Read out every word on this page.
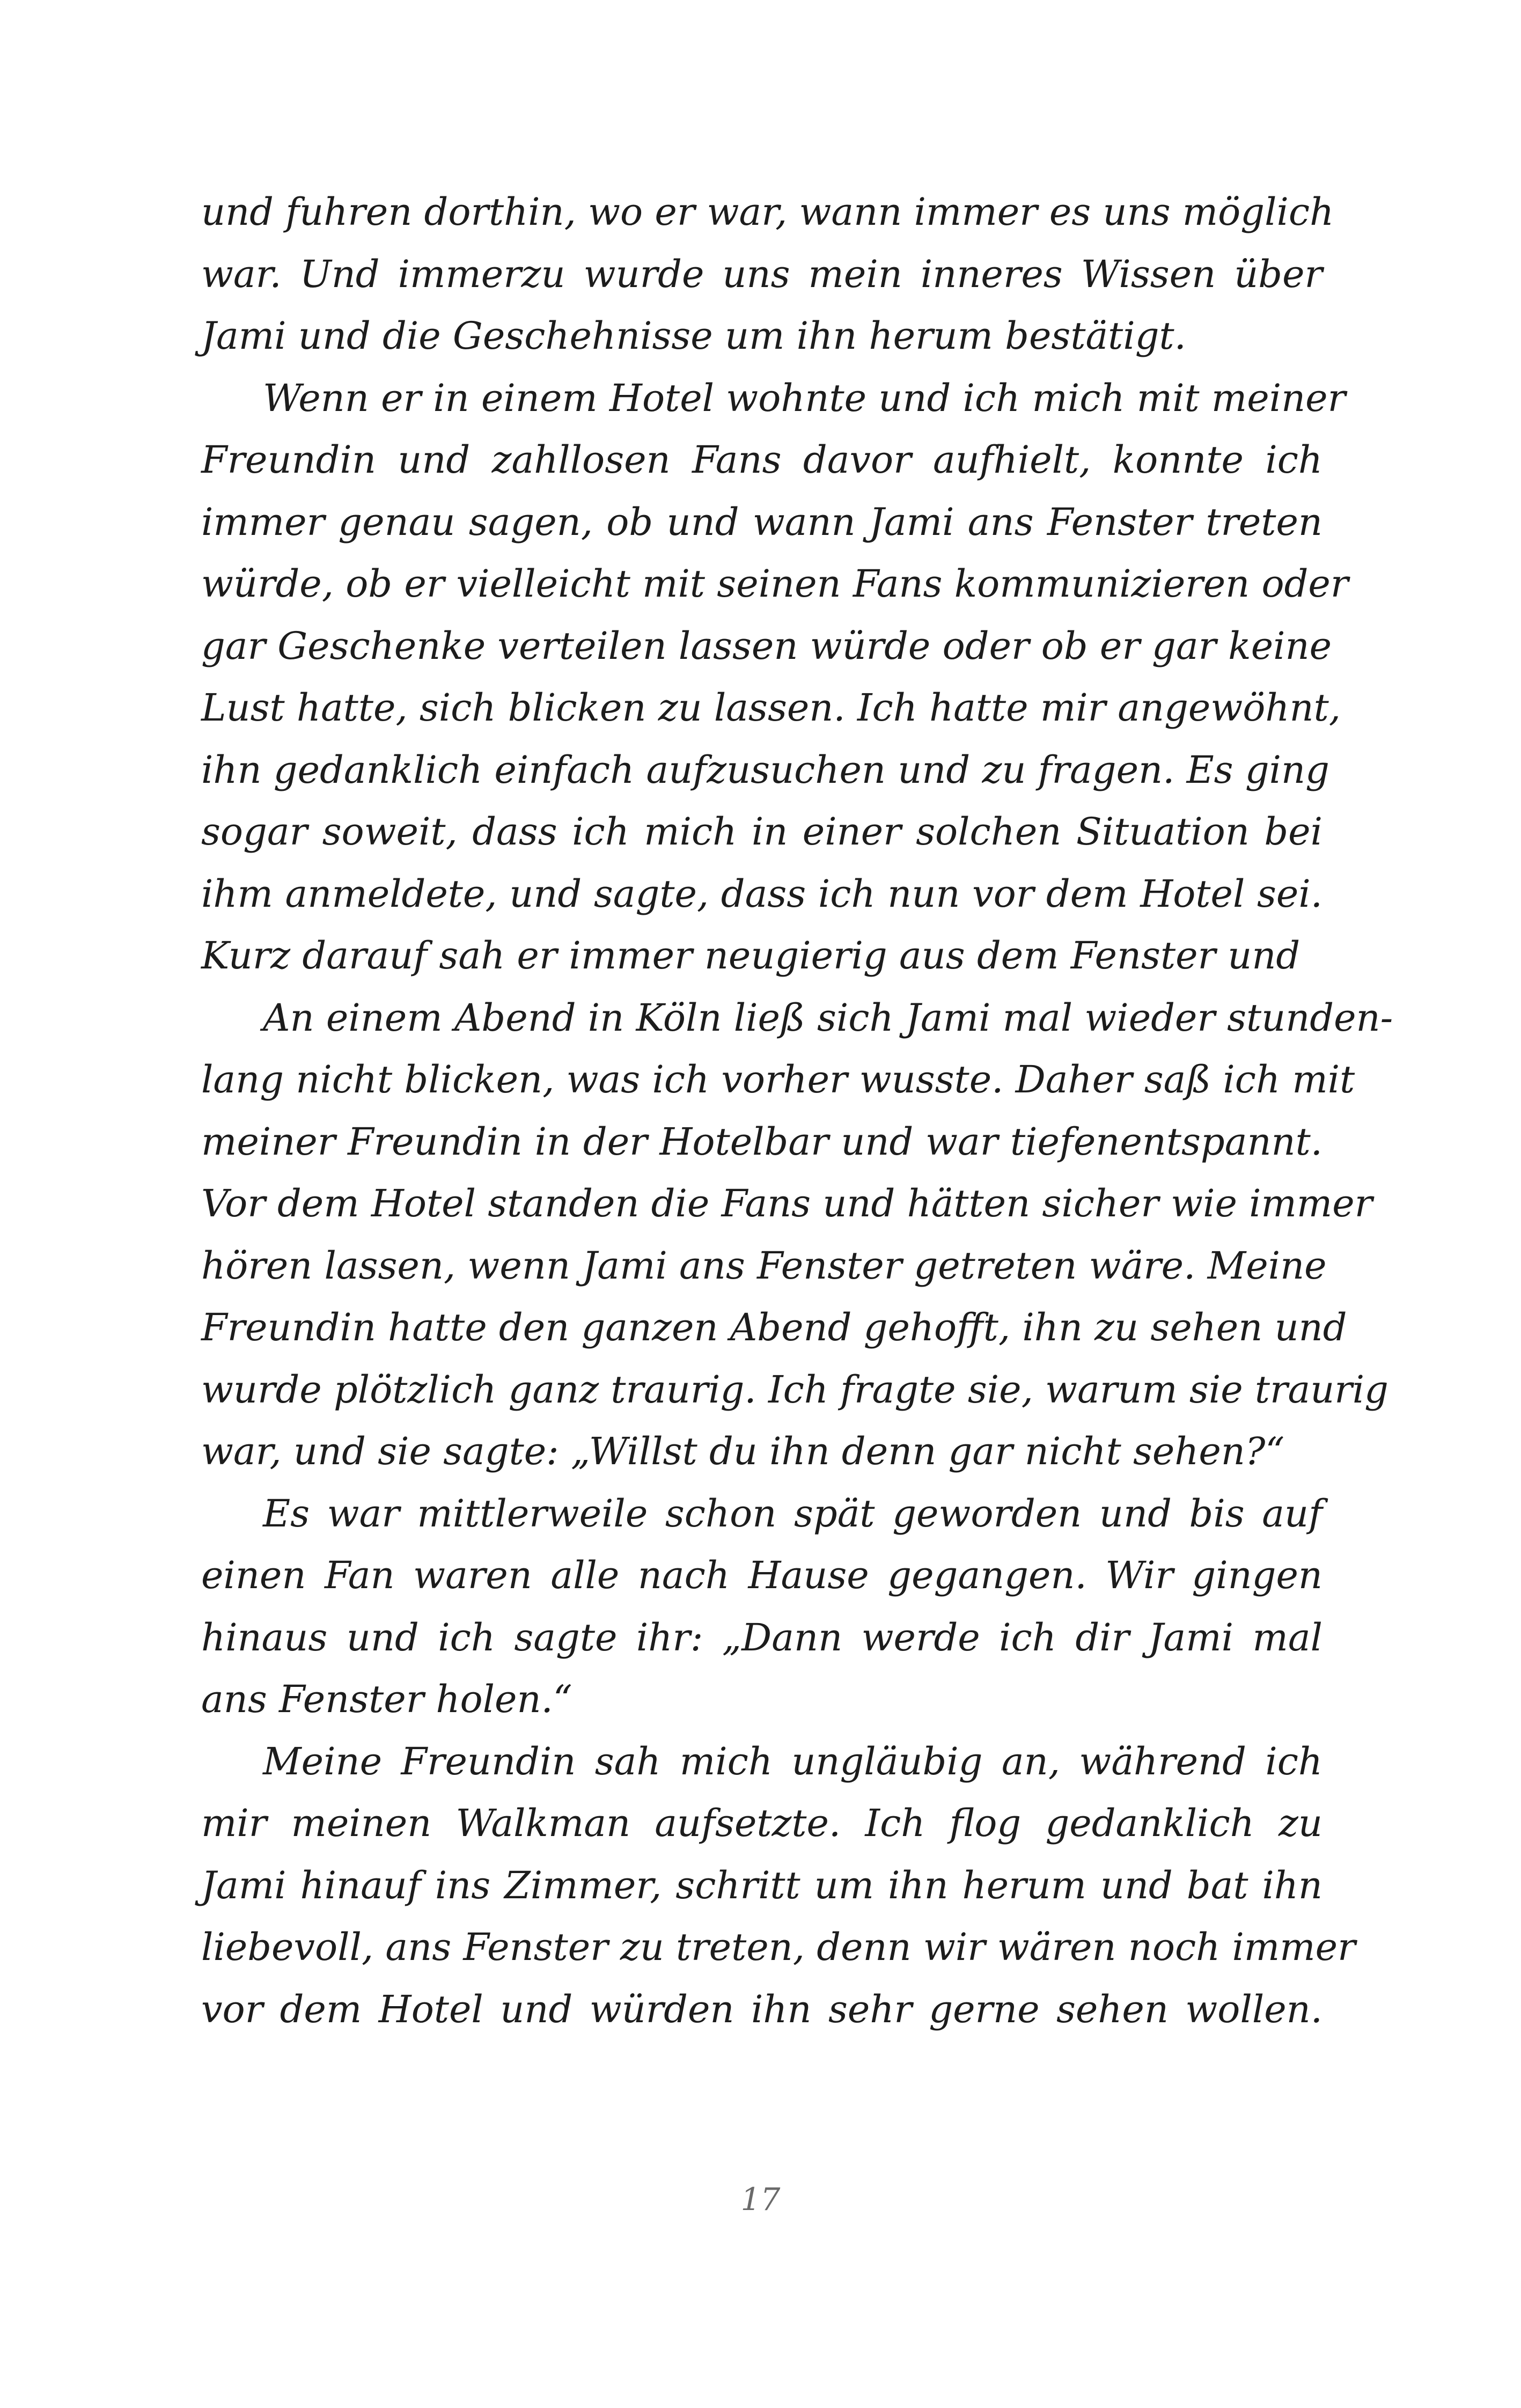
und fuhren dorthin, wo er war, wann immer es uns möglich
war. Und immerzu wurde uns mein inneres Wissen über
Jami und die Geschehnisse um ihn herum bestätigt.

Wenn er in einem Hotel wohnte und ich mich mit meiner
Freundin und zahllosen Fans davor aufhielt, konnte ich
immer genau sagen, ob und wann Jami ans Fenster treten
würde, ob er vielleicht mit seinen Fans kommunizieren oder
gar Geschenke verteilen lassen würde oder ob er gar keine
Lust hatte, sich blicken zu lassen. Ich hatte mir angewöhnt,
ihn gedanklich einfach aufzusuchen und zu fragen. Es ging
sogar soweit, dass ich mich in einer solchen Situation bei
ihm anmeldete, und sagte, dass ich nun vor dem Hotel sei.
Kurz darauf sah er immer neugierig aus dem Fenster und

An einem Abend in Köln ließ sich Jami mal wieder stunden-
lang nicht blicken, was ich vorher wusste. Daher saß ich mit
meiner Freundin in der Hotelbar und war tiefenentspannt.
Vor dem Hotel standen die Fans und hätten sicher wie immer
hören lassen, wenn Jami ans Fenster getreten wäre. Meine
Freundin hatte den ganzen Abend gehofft, ihn zu sehen und
wurde plötzlich ganz traurig. Ich fragte sie, warum sie traurig
war, und sie sagte: „Willst du ihn denn gar nicht sehen?“

Es war mittlerweile schon spät geworden und bis auf
einen Fan waren alle nach Hause gegangen. Wir gingen
hinaus und ich sagte ihr: „Dann werde ich dir Jami mal
ans Fenster holen.“

Meine Freundin sah mich ungläubig an, während ich
mir meinen Walkman aufsetzte. Ich flog gedanklich zu
Jami hinauf ins Zimmer, schritt um ihn herum und bat ihn
liebevoll, ans Fenster zu treten, denn wir wären noch immer
vor dem Hotel und würden ihn sehr gerne sehen wollen.

17
